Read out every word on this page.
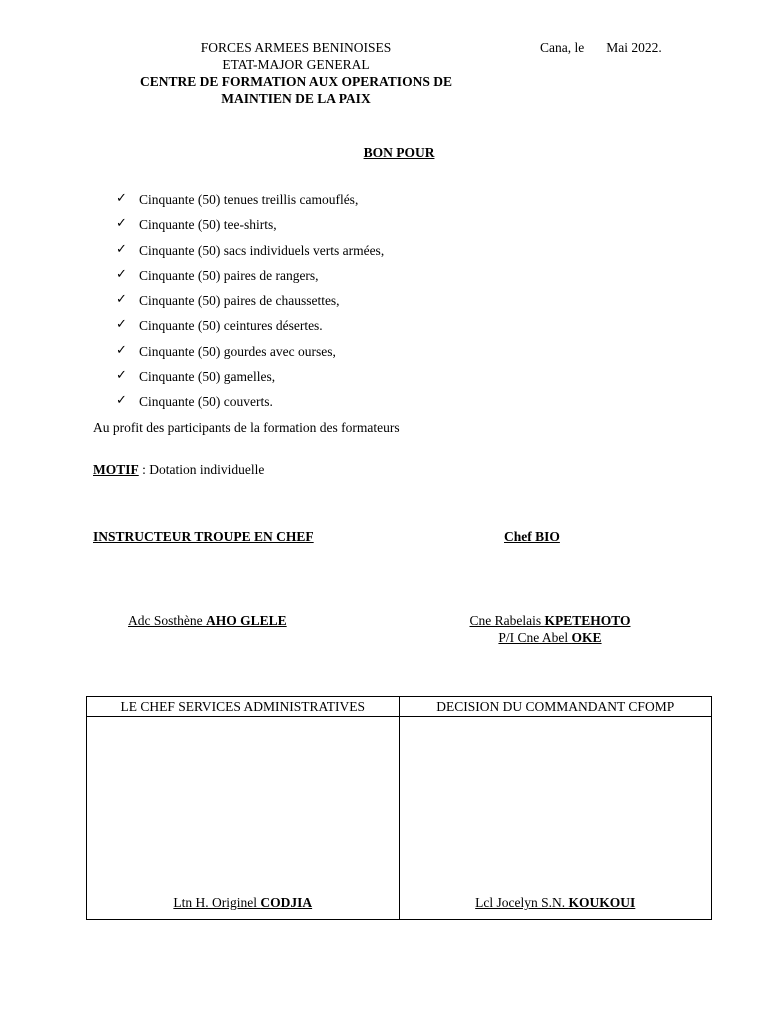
FORCES ARMEES BENINOISES
ETAT-MAJOR GENERAL
CENTRE DE FORMATION AUX OPERATIONS DE
MAINTIEN DE LA PAIX
Cana, le Mai 2022.
BON POUR
✓ Cinquante (50) tenues treillis camouflés,
✓ Cinquante (50) tee-shirts,
✓ Cinquante (50) sacs individuels verts armées,
✓ Cinquante (50) paires de rangers,
✓ Cinquante (50) paires de chaussettes,
✓ Cinquante (50) ceintures désertes.
✓ Cinquante (50) gourdes avec ourses,
✓ Cinquante (50) gamelles,
✓ Cinquante (50) couverts.
Au profit des participants de la formation des formateurs
MOTIF : Dotation individuelle
INSTRUCTEUR TROUPE EN CHEF	Chef BIO
Adc Sosthène AHO GLELE	Cne Rabelais KPETEHOTO
P/I Cne Abel OKE
LE CHEF SERVICES ADMINISTRATIVES	DECISION DU COMMANDANT CFOMP
Ltn H. Originel CODJIA	Lcl Jocelyn S.N. KOUKOUI
